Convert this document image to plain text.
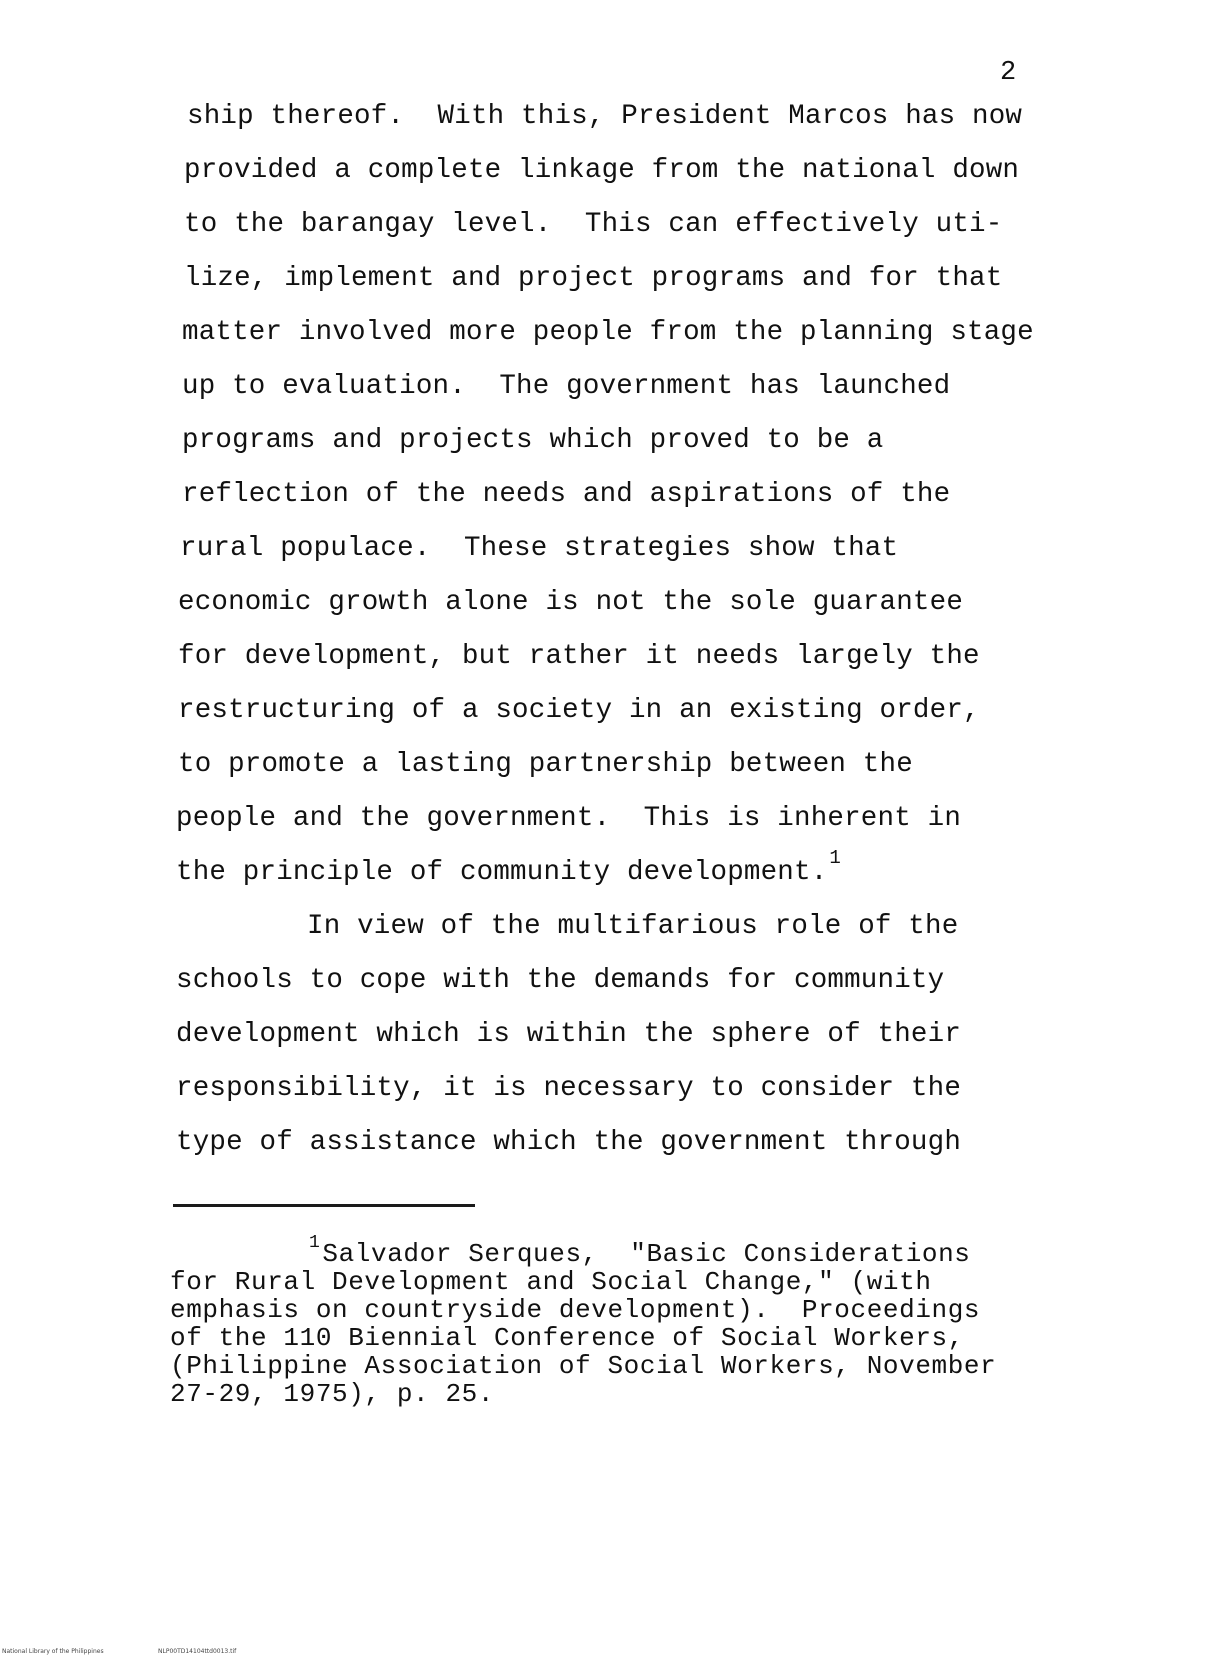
2
ship thereof.  With this, President Marcos has now
provided a complete linkage from the national down
to the barangay level.  This can effectively uti-
lize, implement and project programs and for that
matter involved more people from the planning stage
up to evaluation.  The government has launched
programs and projects which proved to be a
reflection of the needs and aspirations of the
rural populace.  These strategies show that
economic growth alone is not the sole guarantee
for development, but rather it needs largely the
restructuring of a society in an existing order,
to promote a lasting partnership between the
people and the government.  This is inherent in
the principle of community development. $^1$
In view of the multifarious role of the
schools to cope with the demands for community
development which is within the sphere of their
responsibility, it is necessary to consider the
type of assistance which the government through
$^1$Salvador Serques,  "Basic Considerations
for Rural Development and Social Change," (with
emphasis on countryside development).  Proceedings
of the 110 Biennial Conference of Social Workers,
(Philippine Association of Social Workers, November
27-29, 1975), p. 25.
National Library of the Philippines	NLP00TD14104ttd0013.tif
